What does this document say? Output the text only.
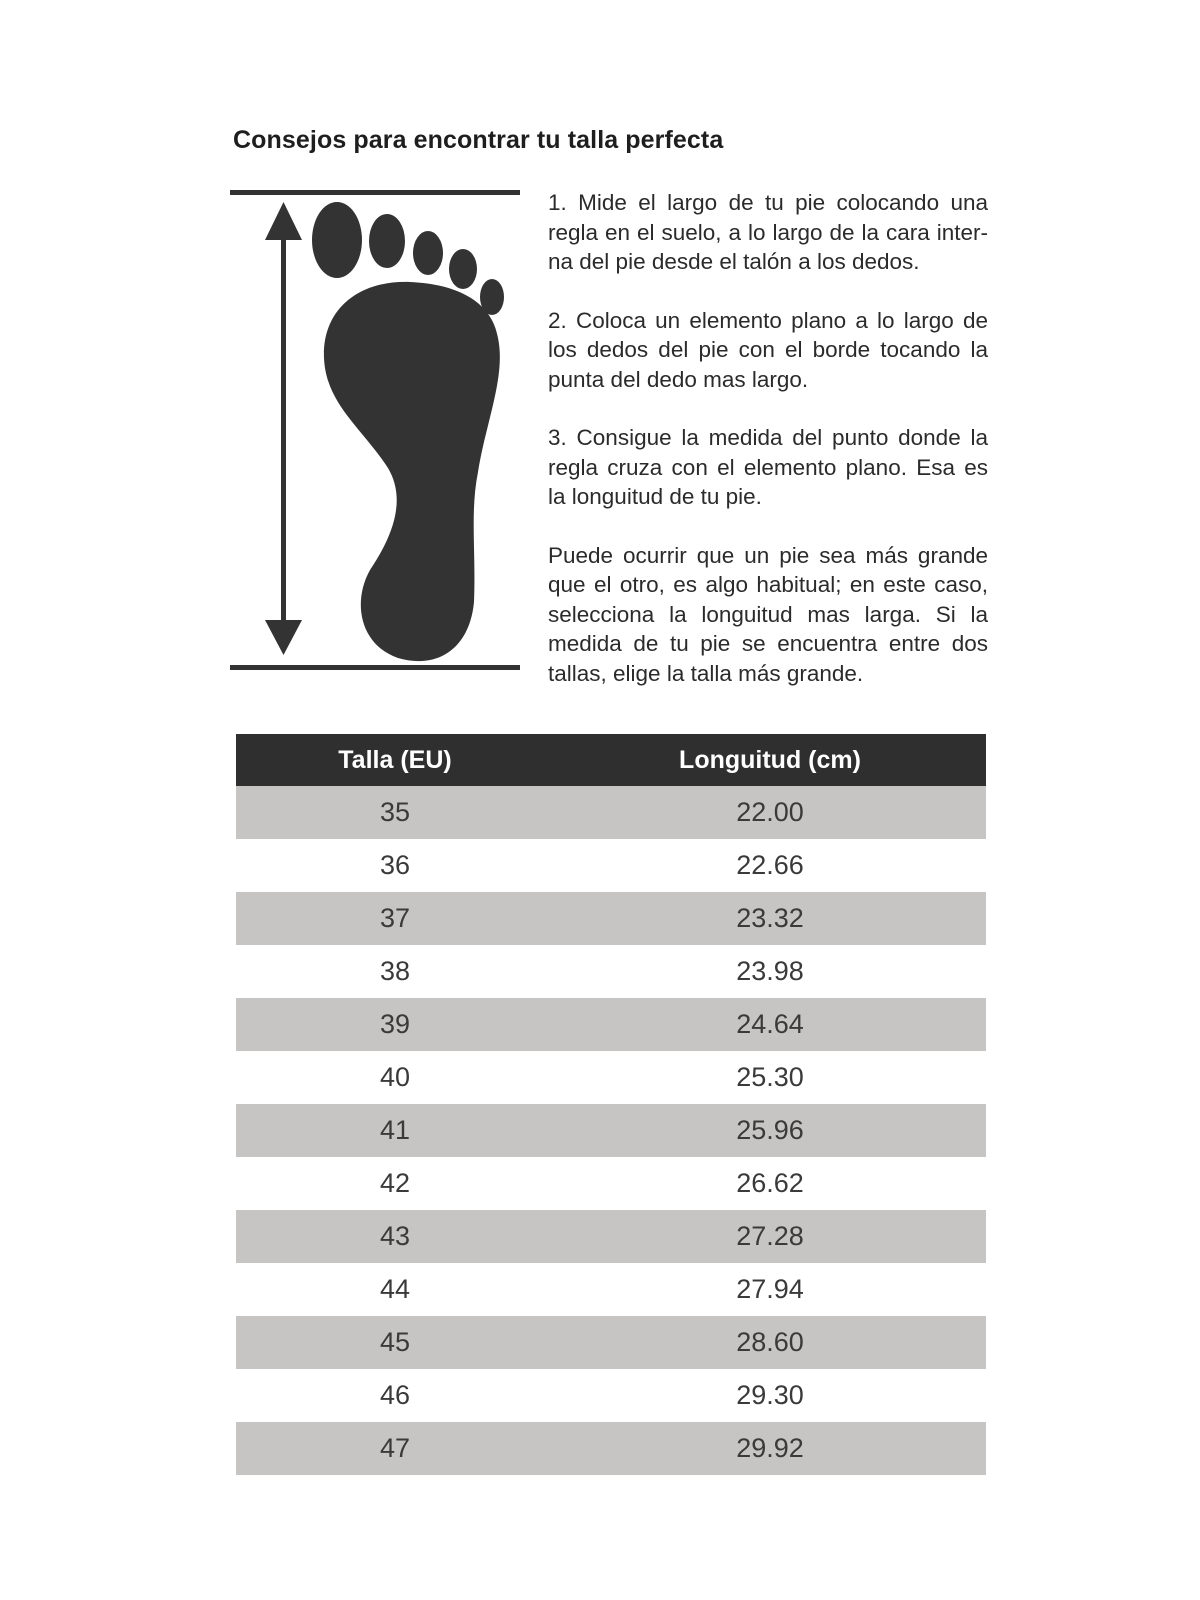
Consejos para encontrar tu talla perfecta

1. Mide el largo de tu pie colocando una regla en el suelo, a lo largo de la cara inter- na del pie desde el talón a los dedos.

2. Coloca un elemento plano a lo largo de los dedos del pie con el borde tocando la punta del dedo mas largo.

3. Consigue la medida del punto donde la regla cruza con el elemento plano. Esa es la longuitud de tu pie.

Puede ocurrir que un pie sea más grande que el otro, es algo habitual; en este caso, selecciona la longuitud mas larga. Si la medida de tu pie se encuentra entre dos tallas, elige la talla más grande.

Talla (EU)	Longuitud (cm)
35	22.00
36	22.66
37	23.32
38	23.98
39	24.64
40	25.30
41	25.96
42	26.62
43	27.28
44	27.94
45	28.60
46	29.30
47	29.92
